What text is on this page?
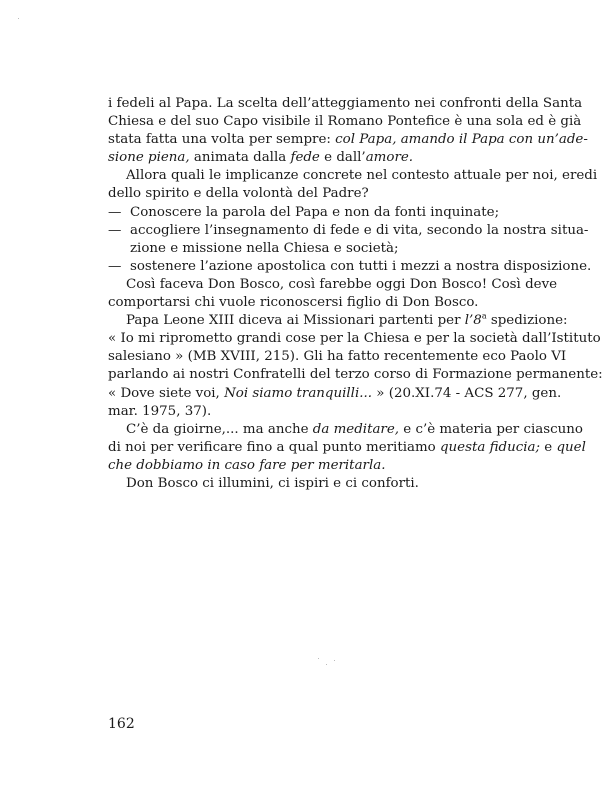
i fedeli al Papa. La scelta dell’atteggiamento nei confronti della Santa
Chiesa e del suo Capo visibile il Romano Pontefice è una sola ed è già
stata fatta una volta per sempre: col Papa, amando il Papa con un’ade-
sione piena, animata dalla fede e dall’amore.
Allora quali le implicanze concrete nel contesto attuale per noi, eredi
dello spirito e della volontà del Padre?
— Conoscere la parola del Papa e non da fonti inquinate;
— accogliere l’insegnamento di fede e di vita, secondo la nostra situa-
zione e missione nella Chiesa e società;
— sostenere l’azione apostolica con tutti i mezzi a nostra disposizione.
Così faceva Don Bosco, così farebbe oggi Don Bosco! Così deve
comportarsi chi vuole riconoscersi figlio di Don Bosco.
Papa Leone XIII diceva ai Missionari partenti per l’8$^a$ spedizione:
« Io mi riprometto grandi cose per la Chiesa e per la società dall’Istituto
salesiano » (MB XVIII, 215). Gli ha fatto recentemente eco Paolo VI
parlando ai nostri Confratelli del terzo corso di Formazione permanente:
« Dove siete voi, Noi siamo tranquilli... » (20.XI.74 - ACS 277, gen.
mar. 1975, 37).
C’è da gioirne,... ma anche da meditare, e c’è materia per ciascuno
di noi per verificare fino a qual punto meritiamo questa fiducia; e quel
che dobbiamo in caso fare per meritarla.
Don Bosco ci illumini, ci ispiri e ci conforti.
162
